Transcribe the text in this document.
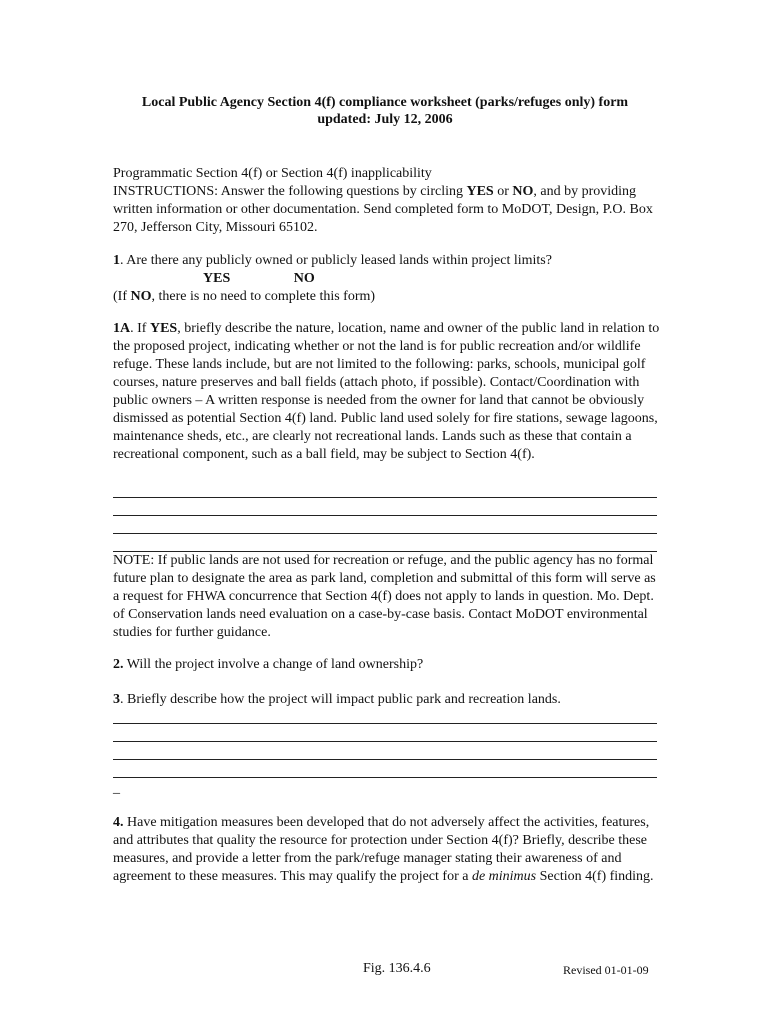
Local Public Agency Section 4(f) compliance worksheet (parks/refuges only) form
updated: July 12, 2006
Programmatic Section 4(f) or Section 4(f) inapplicability
INSTRUCTIONS: Answer the following questions by circling YES or NO, and by providing written information or other documentation. Send completed form to MoDOT, Design, P.O. Box 270, Jefferson City, Missouri 65102.
1. Are there any publicly owned or publicly leased lands within project limits?
YES	NO
(If NO, there is no need to complete this form)
1A. If YES, briefly describe the nature, location, name and owner of the public land in relation to the proposed project, indicating whether or not the land is for public recreation and/or wildlife refuge. These lands include, but are not limited to the following: parks, schools, municipal golf courses, nature preserves and ball fields (attach photo, if possible). Contact/Coordination with public owners – A written response is needed from the owner for land that cannot be obviously dismissed as potential Section 4(f) land. Public land used solely for fire stations, sewage lagoons, maintenance sheds, etc., are clearly not recreational lands. Lands such as these that contain a recreational component, such as a ball field, may be subject to Section 4(f).
NOTE: If public lands are not used for recreation or refuge, and the public agency has no formal future plan to designate the area as park land, completion and submittal of this form will serve as a request for FHWA concurrence that Section 4(f) does not apply to lands in question. Mo. Dept. of Conservation lands need evaluation on a case-by-case basis. Contact MoDOT environmental studies for further guidance.
2. Will the project involve a change of land ownership?
3. Briefly describe how the project will impact public park and recreation lands.
_
4. Have mitigation measures been developed that do not adversely affect the activities, features, and attributes that quality the resource for protection under Section 4(f)? Briefly, describe these measures, and provide a letter from the park/refuge manager stating their awareness of and agreement to these measures. This may qualify the project for a de minimus Section 4(f) finding.
Fig. 136.4.6	Revised 01-01-09
